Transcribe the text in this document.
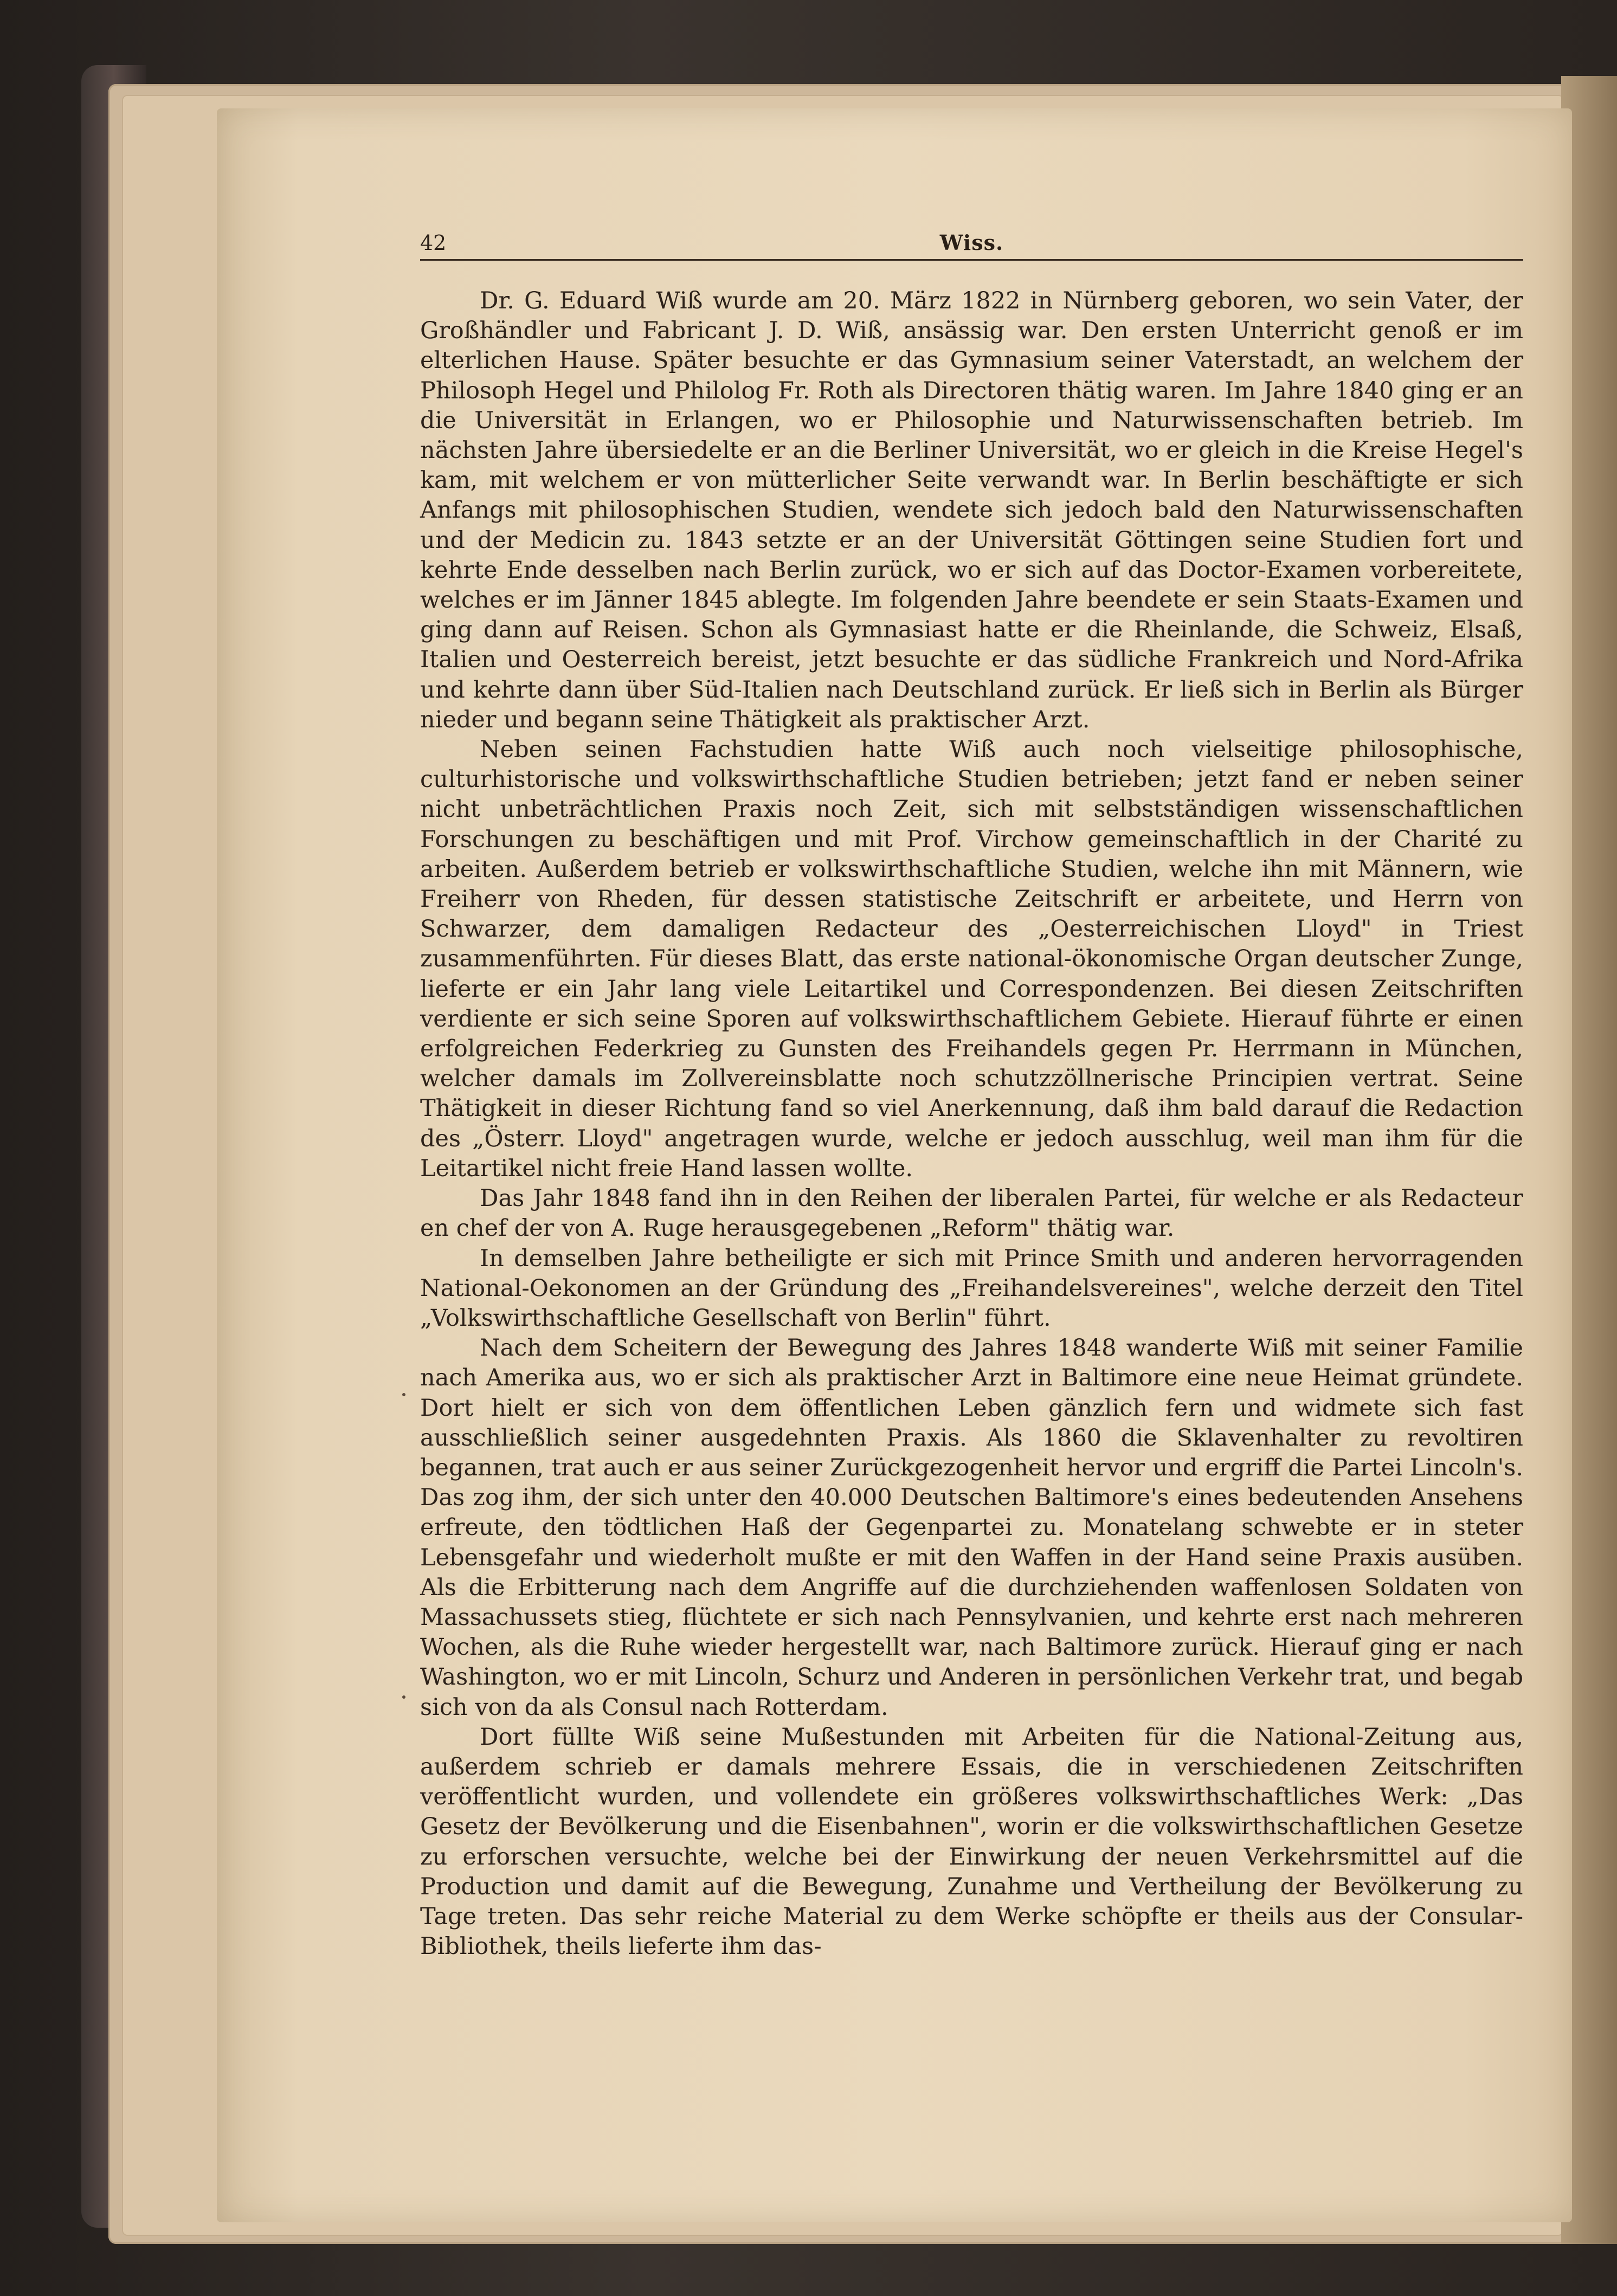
42	Wiss.

Dr. G. Eduard Wiß wurde am 20. März 1822 in Nürnberg geboren, wo sein Vater, der Großhändler und Fabricant J. D. Wiß, ansässig war. Den ersten Unterricht genoß er im elterlichen Hause. Später besuchte er das Gymnasium seiner Vaterstadt, an welchem der Philosoph Hegel und Philolog Fr. Roth als Directoren thätig waren. Im Jahre 1840 ging er an die Universität in Erlangen, wo er Philosophie und Naturwissenschaften betrieb. Im nächsten Jahre übersiedelte er an die Berliner Universität, wo er gleich in die Kreise Hegel's kam, mit welchem er von mütterlicher Seite verwandt war. In Berlin beschäftigte er sich Anfangs mit philosophischen Studien, wendete sich jedoch bald den Naturwissenschaften und der Medicin zu. 1843 setzte er an der Universität Göttingen seine Studien fort und kehrte Ende desselben nach Berlin zurück, wo er sich auf das Doctor-Examen vorbereitete, welches er im Jänner 1845 ablegte. Im folgenden Jahre beendete er sein Staats-Examen und ging dann auf Reisen. Schon als Gymnasiast hatte er die Rheinlande, die Schweiz, Elsaß, Italien und Oesterreich bereist, jetzt besuchte er das südliche Frankreich und Nord-Afrika und kehrte dann über Süd-Italien nach Deutschland zurück. Er ließ sich in Berlin als Bürger nieder und begann seine Thätigkeit als praktischer Arzt.

Neben seinen Fachstudien hatte Wiß auch noch vielseitige philosophische, culturhistorische und volkswirthschaftliche Studien betrieben; jetzt fand er neben seiner nicht unbeträchtlichen Praxis noch Zeit, sich mit selbstständigen wissenschaftlichen Forschungen zu beschäftigen und mit Prof. Virchow gemeinschaftlich in der Charité zu arbeiten. Außerdem betrieb er volkswirthschaftliche Studien, welche ihn mit Männern, wie Freiherr von Rheden, für dessen statistische Zeitschrift er arbeitete, und Herrn von Schwarzer, dem damaligen Redacteur des „Oesterreichischen Lloyd" in Triest zusammenführten. Für dieses Blatt, das erste national-ökonomische Organ deutscher Zunge, lieferte er ein Jahr lang viele Leitartikel und Correspondenzen. Bei diesen Zeitschriften verdiente er sich seine Sporen auf volkswirthschaftlichem Gebiete. Hierauf führte er einen erfolgreichen Federkrieg zu Gunsten des Freihandels gegen Pr. Herrmann in München, welcher damals im Zollvereinsblatte noch schutzzöllnerische Principien vertrat. Seine Thätigkeit in dieser Richtung fand so viel Anerkennung, daß ihm bald darauf die Redaction des „Österr. Lloyd" angetragen wurde, welche er jedoch ausschlug, weil man ihm für die Leitartikel nicht freie Hand lassen wollte.

Das Jahr 1848 fand ihn in den Reihen der liberalen Partei, für welche er als Redacteur en chef der von A. Ruge herausgegebenen „Reform" thätig war.

In demselben Jahre betheiligte er sich mit Prince Smith und anderen hervorragenden National-Oekonomen an der Gründung des „Freihandelsvereines", welche derzeit den Titel „Volkswirthschaftliche Gesellschaft von Berlin" führt.

Nach dem Scheitern der Bewegung des Jahres 1848 wanderte Wiß mit seiner Familie nach Amerika aus, wo er sich als praktischer Arzt in Baltimore eine neue Heimat gründete. Dort hielt er sich von dem öffentlichen Leben gänzlich fern und widmete sich fast ausschließlich seiner ausgedehnten Praxis. Als 1860 die Sklavenhalter zu revoltiren begannen, trat auch er aus seiner Zurückgezogenheit hervor und ergriff die Partei Lincoln's. Das zog ihm, der sich unter den 40.000 Deutschen Baltimore's eines bedeutenden Ansehens erfreute, den tödtlichen Haß der Gegenpartei zu. Monatelang schwebte er in steter Lebensgefahr und wiederholt mußte er mit den Waffen in der Hand seine Praxis ausüben. Als die Erbitterung nach dem Angriffe auf die durchziehenden waffenlosen Soldaten von Massachussets stieg, flüchtete er sich nach Pennsylvanien, und kehrte erst nach mehreren Wochen, als die Ruhe wieder hergestellt war, nach Baltimore zurück. Hierauf ging er nach Washington, wo er mit Lincoln, Schurz und Anderen in persönlichen Verkehr trat, und begab sich von da als Consul nach Rotterdam.

Dort füllte Wiß seine Mußestunden mit Arbeiten für die National-Zeitung aus, außerdem schrieb er damals mehrere Essais, die in verschiedenen Zeitschriften veröffentlicht wurden, und vollendete ein größeres volkswirthschaftliches Werk: „Das Gesetz der Bevölkerung und die Eisenbahnen", worin er die volkswirthschaftlichen Gesetze zu erforschen versuchte, welche bei der Einwirkung der neuen Verkehrsmittel auf die Production und damit auf die Bewegung, Zunahme und Vertheilung der Bevölkerung zu Tage treten. Das sehr reiche Material zu dem Werke schöpfte er theils aus der Consular-Bibliothek, theils lieferte ihm das-
